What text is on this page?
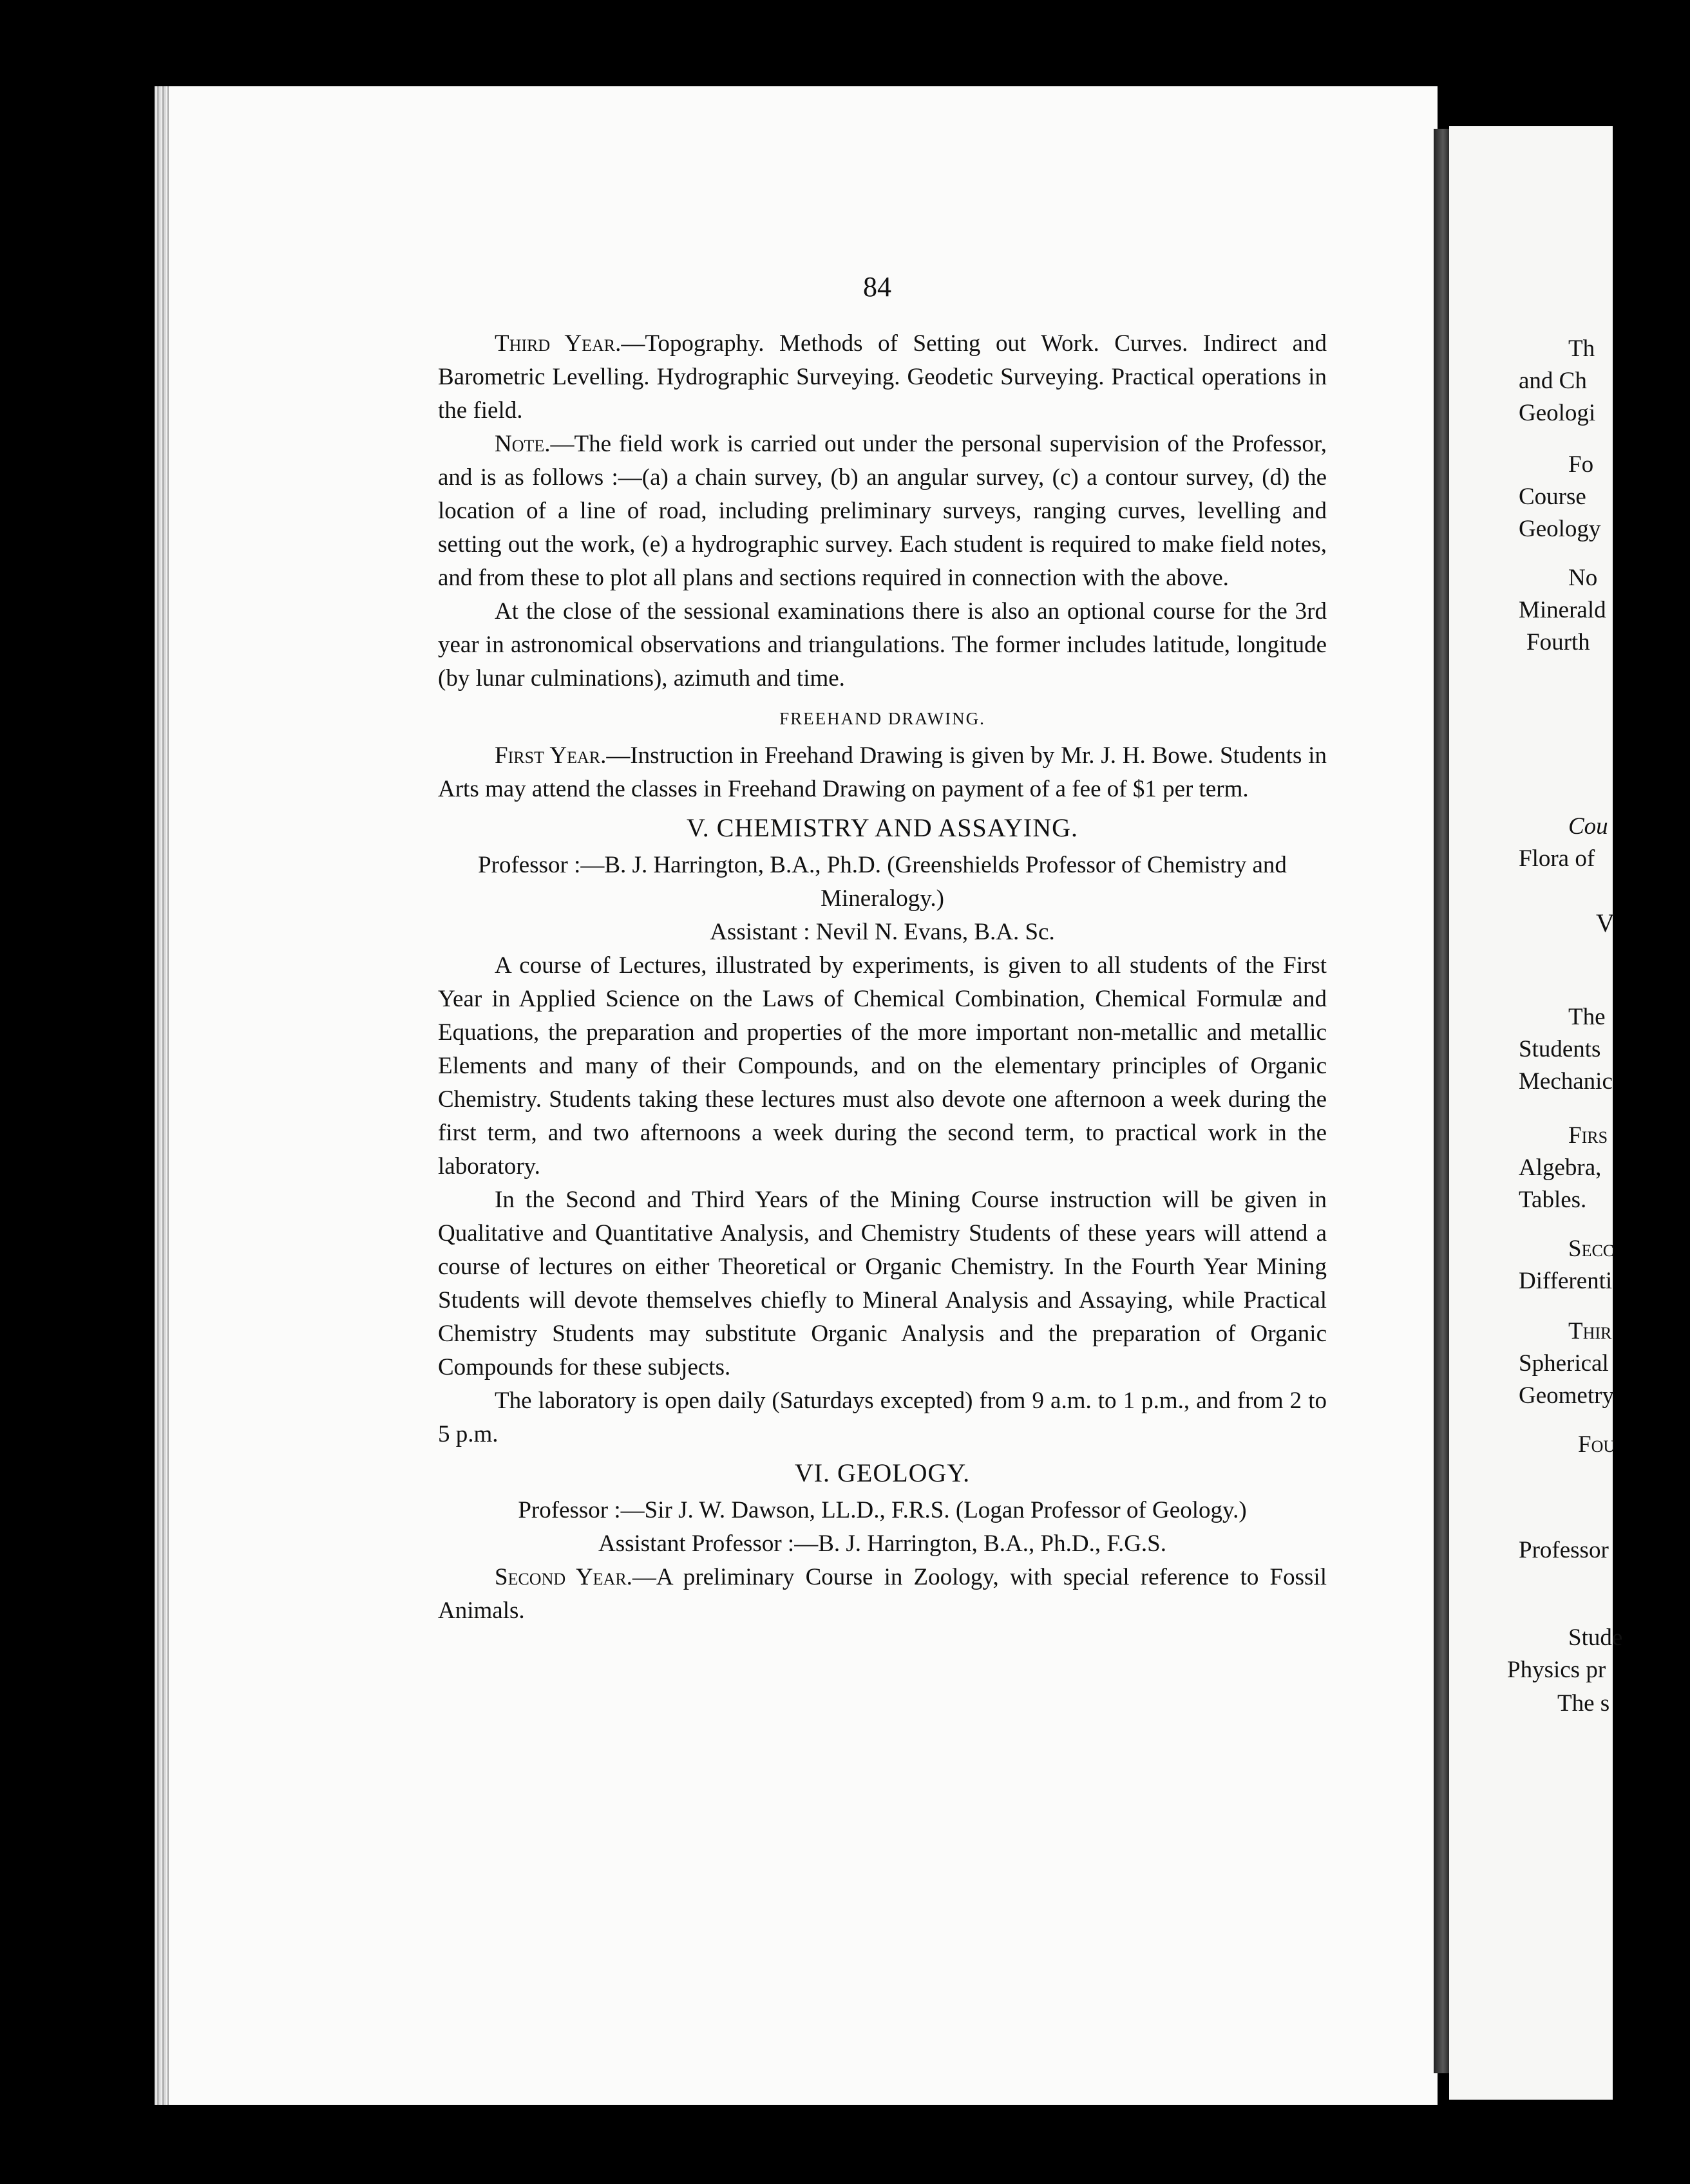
84

Third Year.—Topography. Methods of Setting out Work. Curves. Indirect and Barometric Levelling. Hydrographic Surveying. Geodetic Surveying. Practical operations in the field.

Note.—The field work is carried out under the personal supervision of the Professor, and is as follows :—(a) a chain survey, (b) an angular survey, (c) a contour survey, (d) the location of a line of road, including preliminary surveys, ranging curves, levelling and setting out the work, (e) a hydrographic survey. Each student is required to make field notes, and from these to plot all plans and sections required in connection with the above.

At the close of the sessional examinations there is also an optional course for the 3rd year in astronomical observations and triangulations. The former includes latitude, longitude (by lunar culminations), azimuth and time.

FREEHAND DRAWING.

First Year.—Instruction in Freehand Drawing is given by Mr. J. H. Bowe. Students in Arts may attend the classes in Freehand Drawing on payment of a fee of $1 per term.

V. CHEMISTRY AND ASSAYING.

Professor :—B. J. Harrington, B.A., Ph.D. (Greenshields Professor of Chemistry and Mineralogy.)

Assistant : Nevil N. Evans, B.A. Sc.

A course of Lectures, illustrated by experiments, is given to all students of the First Year in Applied Science on the Laws of Chemical Combination, Chemical Formulæ and Equations, the preparation and properties of the more important non-metallic and metallic Elements and many of their Compounds, and on the elementary principles of Organic Chemistry. Students taking these lectures must also devote one afternoon a week during the first term, and two afternoons a week during the second term, to practical work in the laboratory.

In the Second and Third Years of the Mining Course instruction will be given in Qualitative and Quantitative Analysis, and Chemistry Students of these years will attend a course of lectures on either Theoretical or Organic Chemistry. In the Fourth Year Mining Students will devote themselves chiefly to Mineral Analysis and Assaying, while Practical Chemistry Students may substitute Organic Analysis and the preparation of Organic Compounds for these subjects.

The laboratory is open daily (Saturdays excepted) from 9 a.m. to 1 p.m., and from 2 to 5 p.m.

VI. GEOLOGY.

Professor :—Sir J. W. Dawson, LL.D., F.R.S. (Logan Professor of Geology.)

Assistant Professor :—B. J. Harrington, B.A., Ph.D., F.G.S.

Second Year.—A preliminary Course in Zoology, with special reference to Fossil Animals.

Th
and Ch
Geologi
Fo
Course
Geology
No
Minerald
Fourth
Cou
Flora of
V
The
Students
Mechanic
Firs
Algebra,
Tables.
Secc
Differenti
Thir
Spherical
Geometry
Fou
Professor
Stude
Physics pr
The s
